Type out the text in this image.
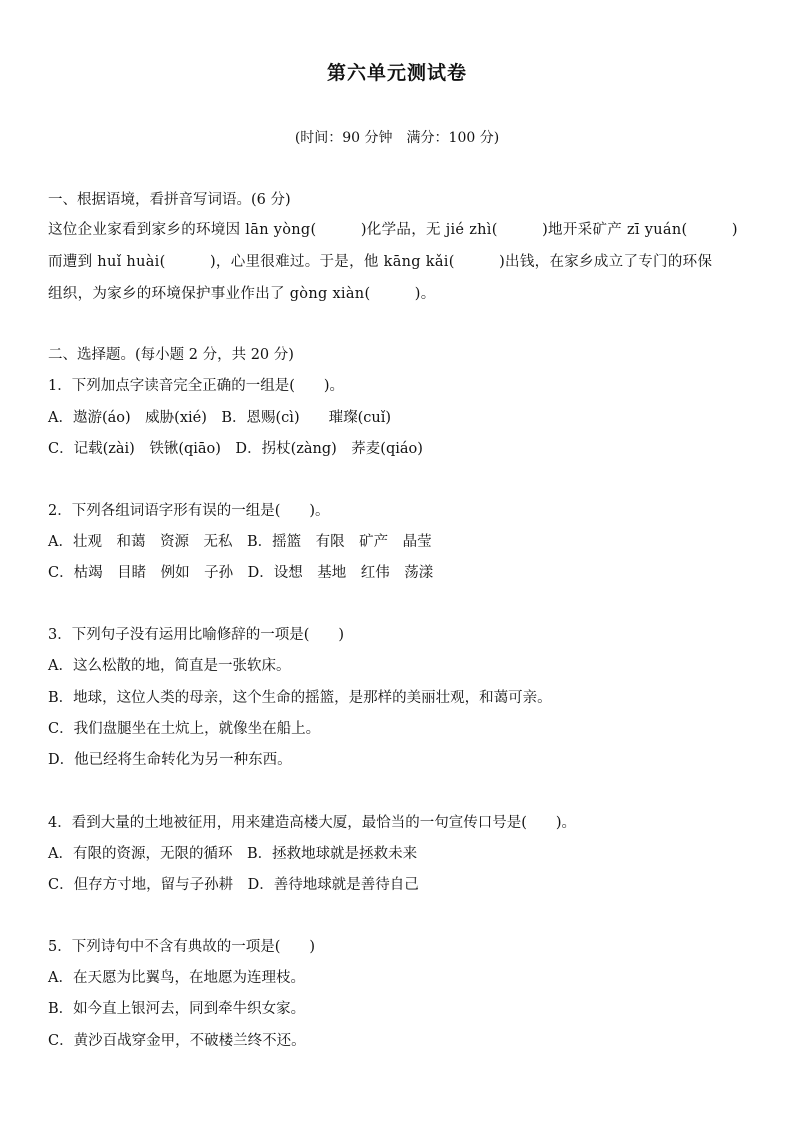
第六单元测试卷
(时间：90 分钟　满分：100 分)
一、根据语境，看拼音写词语。(6 分)
这位企业家看到家乡的环境因 lān yòng(　　　)化学品，无 jié zhì(　　　)地开采矿产 zī yuán(　　　)
而遭到 huǐ huài(　　　)，心里很难过。于是，他 kāng kǎi(　　　)出钱，在家乡成立了专门的环保
组织，为家乡的环境保护事业作出了 gòng xiàn(　　　)。
二、选择题。(每小题 2 分，共 20 分)
1．下列加点字读音完全正确的一组是(　　)。
A．遨游(áo)　威胁(xié)　B．恩赐(cì)　　璀璨(cuǐ)
C．记载(zài)　铁锹(qiāo)　D．拐杖(zàng)　荞麦(qiáo)
2．下列各组词语字形有误的一组是(　　)。
A．壮观　和蔼　资源　无私　B．摇篮　有限　矿产　晶莹
C．枯竭　目睹　例如　子孙　D．设想　基地　红伟　荡漾
3．下列句子没有运用比喻修辞的一项是(　　)
A．这么松散的地，简直是一张软床。
B．地球，这位人类的母亲，这个生命的摇篮，是那样的美丽壮观，和蔼可亲。
C．我们盘腿坐在土炕上，就像坐在船上。
D．他已经将生命转化为另一种东西。
4．看到大量的土地被征用，用来建造高楼大厦，最恰当的一句宣传口号是(　　)。
A．有限的资源，无限的循环　B．拯救地球就是拯救未来
C．但存方寸地，留与子孙耕　D．善待地球就是善待自己
5．下列诗句中不含有典故的一项是(　　)
A．在天愿为比翼鸟，在地愿为连理枝。
B．如今直上银河去，同到牵牛织女家。
C．黄沙百战穿金甲，不破楼兰终不还。
